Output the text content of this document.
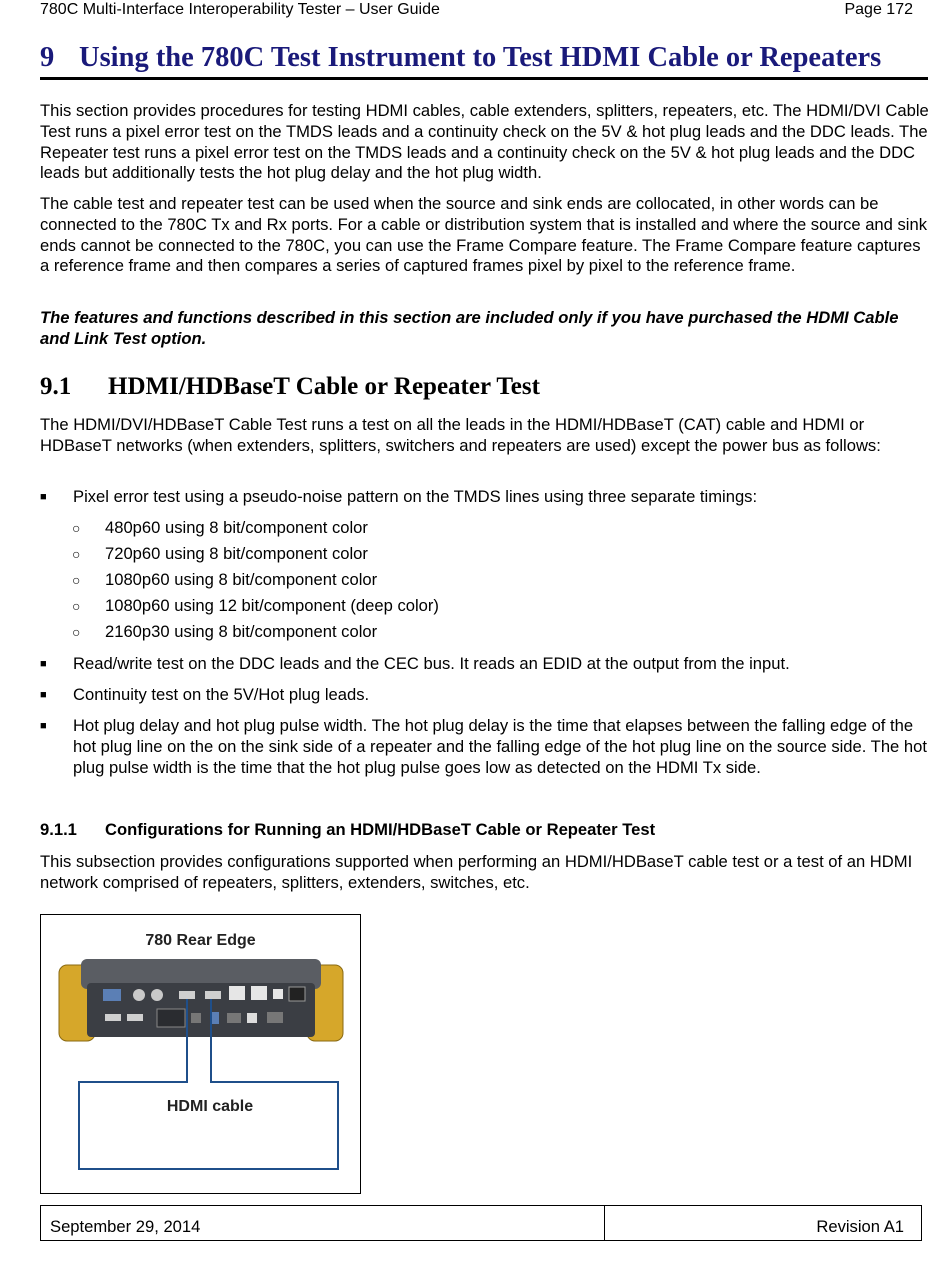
780C Multi-Interface Interoperability Tester – User Guide	Page 172
9 Using the 780C Test Instrument to Test HDMI Cable or Repeaters
This section provides procedures for testing HDMI cables, cable extenders, splitters, repeaters, etc. The HDMI/DVI Cable Test runs a pixel error test on the TMDS leads and a continuity check on the 5V & hot plug leads and the DDC leads. The Repeater test runs a pixel error test on the TMDS leads and a continuity check on the 5V & hot plug leads and the DDC leads but additionally tests the hot plug delay and the hot plug width.
The cable test and repeater test can be used when the source and sink ends are collocated, in other words can be connected to the 780C Tx and Rx ports. For a cable or distribution system that is installed and where the source and sink ends cannot be connected to the 780C, you can use the Frame Compare feature. The Frame Compare feature captures a reference frame and then compares a series of captured frames pixel by pixel to the reference frame.
The features and functions described in this section are included only if you have purchased the HDMI Cable and Link Test option.
9.1 HDMI/HDBaseT Cable or Repeater Test
The HDMI/DVI/HDBaseT Cable Test runs a test on all the leads in the HDMI/HDBaseT (CAT) cable and HDMI or HDBaseT networks (when extenders, splitters, switchers and repeaters are used) except the power bus as follows:
■ Pixel error test using a pseudo-noise pattern on the TMDS lines using three separate timings:
○ 480p60 using 8 bit/component color
○ 720p60 using 8 bit/component color
○ 1080p60 using 8 bit/component color
○ 1080p60 using 12 bit/component (deep color)
○ 2160p30 using 8 bit/component color
■ Read/write test on the DDC leads and the CEC bus. It reads an EDID at the output from the input.
■ Continuity test on the 5V/Hot plug leads.
■ Hot plug delay and hot plug pulse width. The hot plug delay is the time that elapses between the falling edge of the hot plug line on the on the sink side of a repeater and the falling edge of the hot plug line on the source side. The hot plug pulse width is the time that the hot plug pulse goes low as detected on the HDMI Tx side.
9.1.1 Configurations for Running an HDMI/HDBaseT Cable or Repeater Test
This subsection provides configurations supported when performing an HDMI/HDBaseT cable test or a test of an HDMI network comprised of repeaters, splitters, extenders, switches, etc.
780 Rear Edge
HDMI cable
September 29, 2014	Revision A1
